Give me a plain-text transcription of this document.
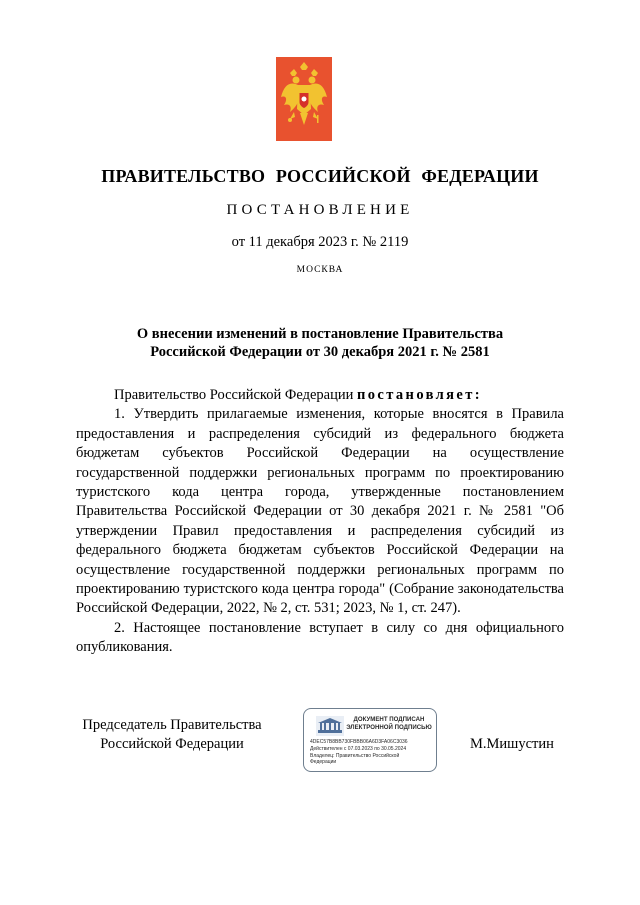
ПРАВИТЕЛЬСТВО РОССИЙСКОЙ ФЕДЕРАЦИИ
ПОСТАНОВЛЕНИЕ
от 11 декабря 2023 г. № 2119
МОСКВА
О внесении изменений в постановление Правительства
Российской Федерации от 30 декабря 2021 г. № 2581

Правительство Российской Федерации постановляет:

1. Утвердить прилагаемые изменения, которые вносятся в Правила предоставления и распределения субсидий из федерального бюджета бюджетам субъектов Российской Федерации на осуществление государственной поддержки региональных программ по проектированию туристского кода центра города, утвержденные постановлением Правительства Российской Федерации от 30 декабря 2021 г. № 2581 "Об утверждении Правил предоставления и распределения субсидий из федерального бюджета бюджетам субъектов Российской Федерации на осуществление государственной поддержки региональных программ по проектированию туристского кода центра города" (Собрание законодательства Российской Федерации, 2022, № 2, ст. 531; 2023, № 1, ст. 247).

2. Настоящее постановление вступает в силу со дня официального опубликования.

Председатель Правительства
Российской Федерации
ДОКУМЕНТ ПОДПИСАН ЭЛЕКТРОННОЙ ПОДПИСЬЮ
4DEC57B8BB730FBBB06A6D3FA06C3036
Действителен с 07.03.2023 по 30.05.2024
Владелец: Правительство Российской
Федерации
М.Мишустин
